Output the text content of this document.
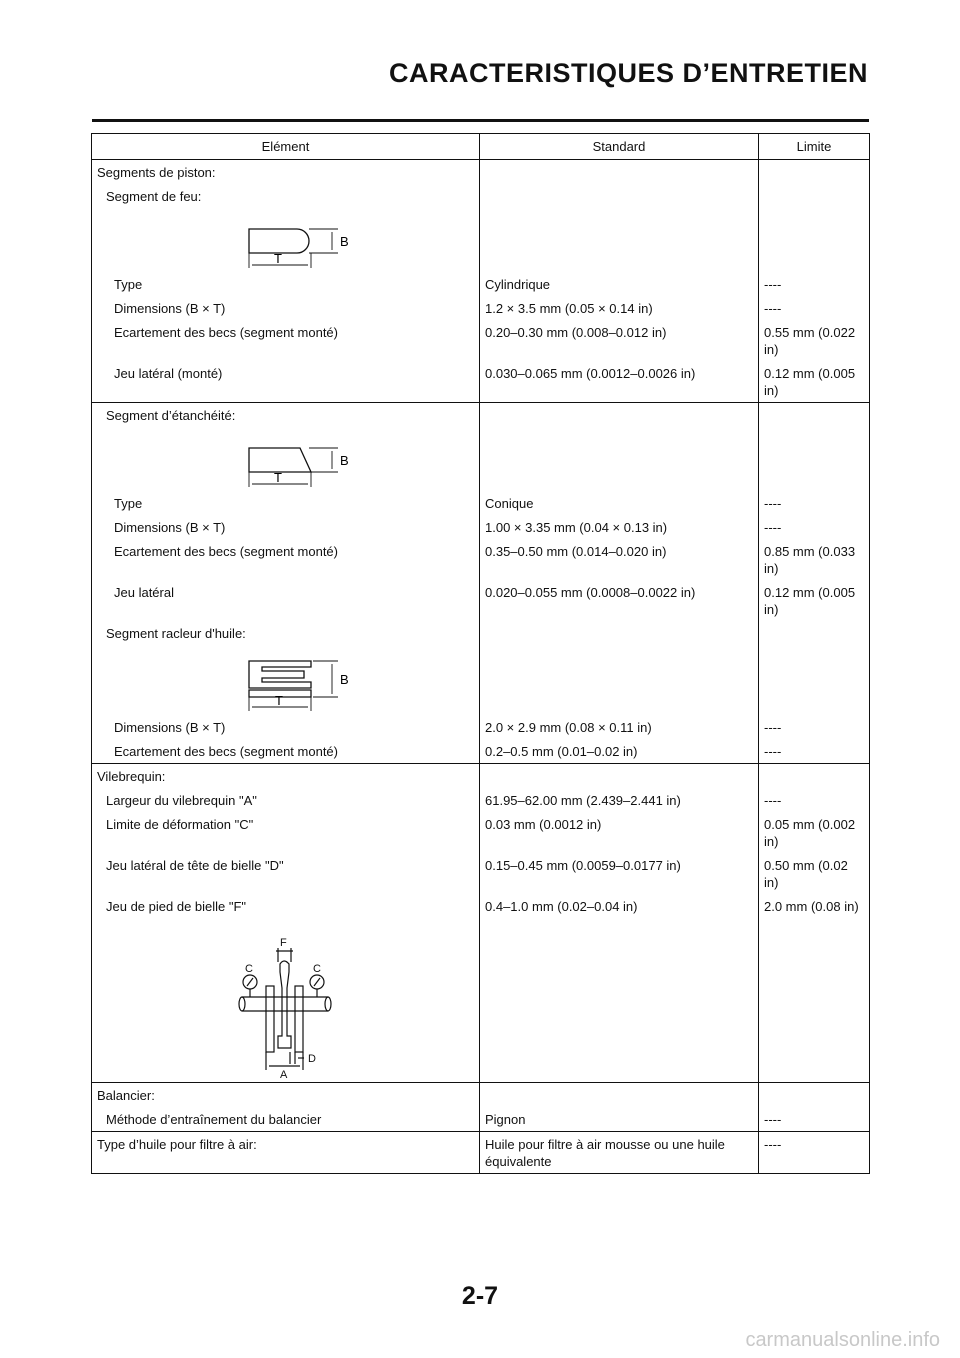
CARACTERISTIQUES D’ENTRETIEN
Elément	Standard	Limite
Segments de piston:		
Segment de feu:		

B
T		

Type	Cylindrique	----
Dimensions (B × T)	1.2 × 3.5 mm (0.05 × 0.14 in)	----
Ecartement des becs (segment monté)	0.20–0.30 mm (0.008–0.012 in)	0.55 mm (0.022 in)
Jeu latéral (monté)	0.030–0.065 mm (0.0012–0.0026 in)	0.12 mm (0.005 in)
Segment d’étanchéité:		

B
T		

Type	Conique	----
Dimensions (B × T)	1.00 × 3.35 mm (0.04 × 0.13 in)	----
Ecartement des becs (segment monté)	0.35–0.50 mm (0.014–0.020 in)	0.85 mm (0.033 in)
Jeu latéral	0.020–0.055 mm (0.0008–0.0022 in)	0.12 mm (0.005 in)
Segment racleur d'huile:		

B
T		

Dimensions (B × T)	2.0 × 2.9 mm (0.08 × 0.11 in)	----
Ecartement des becs (segment monté)	0.2–0.5 mm (0.01–0.02 in)	----
Vilebrequin:		
Largeur du vilebrequin "A"	61.95–62.00 mm (2.439–2.441 in)	----
Limite de déformation "C"	0.03 mm (0.0012 in)	0.05 mm (0.002 in)
Jeu latéral de tête de bielle "D"	0.15–0.45 mm (0.0059–0.0177 in)	0.50 mm (0.02 in)
Jeu de pied de bielle "F"	0.4–1.0 mm (0.02–0.04 in)	2.0 mm (0.08 in)

F
C C
D
A		

Balancier:		
Méthode d’entraînement du balancier	Pignon	----
Type d’huile pour filtre à air:	Huile pour filtre à air mousse ou une huile équivalente	----
2-7
carmanualsonline.info
